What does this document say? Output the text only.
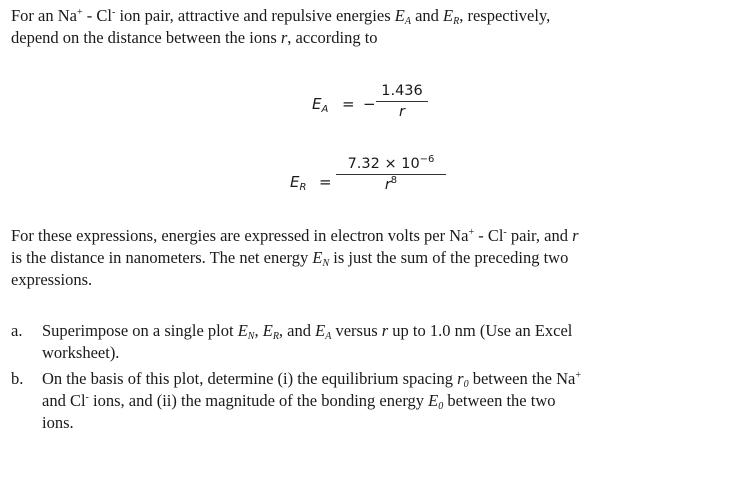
For an Na+ - Cl- ion pair, attractive and repulsive energies $E_A$ and $E_R$, respectively,
depend on the distance between the ions r, according to
$E_A$ = −
1.436
r
$E_R$ =
$7.32 \times 10^{-6}$
$r^8$
For these expressions, energies are expressed in electron volts per Na+ - Cl- pair, and r
is the distance in nanometers. The net energy $E_N$ is just the sum of the preceding two
expressions.
a. Superimpose on a single plot $E_N$, $E_R$, and $E_A$ versus r up to 1.0 nm (Use an Excel
worksheet).
b. On the basis of this plot, determine (i) the equilibrium spacing $r_0$ between the Na+
and Cl- ions, and (ii) the magnitude of the bonding energy $E_0$ between the two
ions.
